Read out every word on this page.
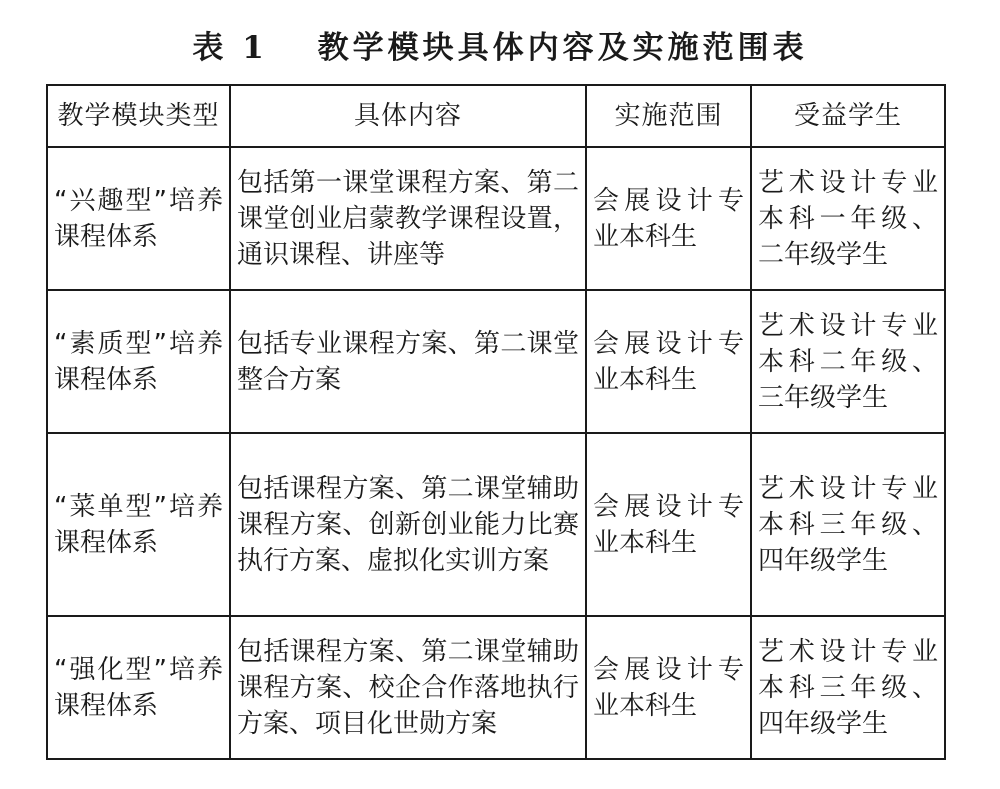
表 1　 教学模块具体内容及实施范围表
教学模块类型	具体内容	实施范围	受益学生
“兴趣型”培养课程体系	包括第一课堂课程方案、第二课堂创业启蒙教学课程设置，通识课程、讲座等	会展设计专业本科生	艺术设计专业本科一年级、二年级学生
“素质型”培养课程体系	包括专业课程方案、第二课堂整合方案	会展设计专业本科生	艺术设计专业本科二年级、三年级学生
“菜单型”培养课程体系	包括课程方案、第二课堂辅助课程方案、创新创业能力比赛执行方案、虚拟化实训方案	会展设计专业本科生	艺术设计专业本科三年级、四年级学生
“强化型”培养课程体系	包括课程方案、第二课堂辅助课程方案、校企合作落地执行方案、项目化世勋方案	会展设计专业本科生	艺术设计专业本科三年级、四年级学生
